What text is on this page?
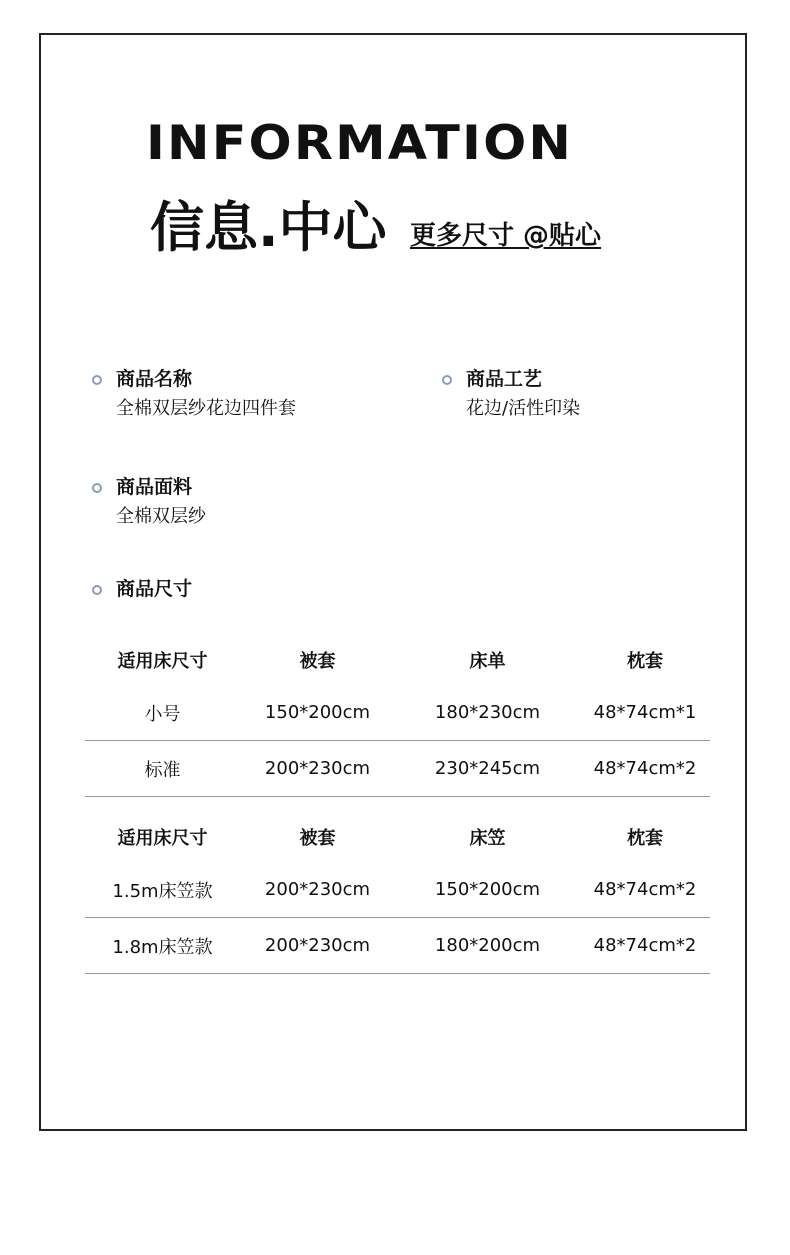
INFORMATION
信息.中心 更多尺寸 @贴心
商品名称
全棉双层纱花边四件套
商品工艺
花边/活性印染
商品面料
全棉双层纱
商品尺寸
适用床尺寸	被套	床单	枕套
小号	150*200cm	180*230cm	48*74cm*1
标准	200*230cm	230*245cm	48*74cm*2
适用床尺寸	被套	床笠	枕套
1.5m床笠款	200*230cm	150*200cm	48*74cm*2
1.8m床笠款	200*230cm	180*200cm	48*74cm*2
